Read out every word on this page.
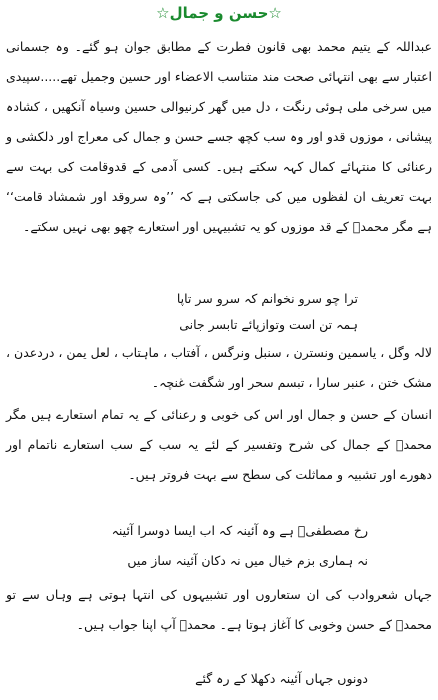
☆حسن و جمال☆

عبداللہ کے یتیم محمد بھی قانون فطرت کے مطابق جوان ہو گئے۔ وہ جسمانی اعتبار سے بھی انتہائی صحت مند متناسب الاعضاء اور حسین وجمیل تھے.....سپیدی میں سرخی ملی ہوئی رنگت ، دل میں گھر کرنیوالی حسین وسیاہ آنکھیں ، کشادہ پیشانی ، موزوں قدو اور وہ سب کچھ جسے حسن و جمال کی معراج اور دلکشی و رعنائی کا منتہائے کمال کہہ سکتے ہیں۔ کسی آدمی کے قدوقامت کی بہت سے بہت تعریف ان لفظوں میں کی جاسکتی ہے کہ ’’وہ سروقد اور شمشاد قامت‘‘ ہے مگر محمدؐ کے قد موزوں کو یہ تشبیہیں اور استعارے چھو بھی نہیں سکتے۔

ترا چو سرو نخوانم کہ سرو سر تاپا

ہمہ تن است وتوازپائے تابسر جانی

لالہ وگل ، یاسمین ونسترن ، سنبل ونرگس ، آفتاب ، ماہتاب ، لعل یمن ، دردعدن ، مشک ختن ، عنبر سارا ، تبسم سحر اور شگفت غنچہ۔

انسان کے حسن و جمال اور اس کی خوبی و رعنائی کے یہ تمام استعارے ہیں مگر محمدؐ کے جمال کی شرح وتفسیر کے لئے یہ سب کے سب استعارے ناتمام اور دھورے اور تشبیہ و مماثلت کی سطح سے بہت فروتر ہیں۔

رخ مصطفیؐ ہے وہ آئینہ کہ اب ایسا دوسرا آئینہ

نہ ہماری بزم خیال میں نہ دکان آئینہ ساز میں

جہاں شعروادب کی ان ستعاروں اور تشبیہوں کی انتہا ہوتی ہے وہاں سے تو محمدؐ کے حسن وخوبی کا آغاز ہوتا ہے۔ محمدؐ آپ اپنا جواب ہیں۔

دونوں جہاں آئینہ دکھلا کے رہ گئے
